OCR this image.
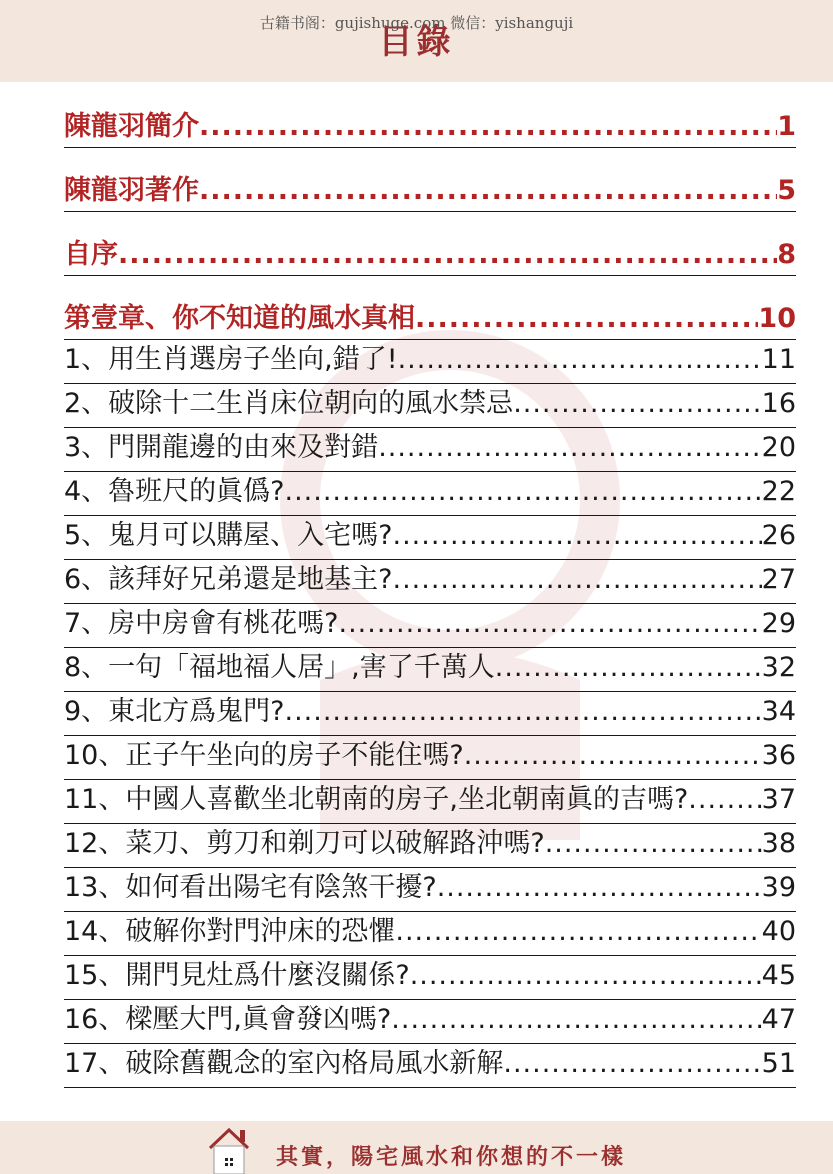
古籍书阁：gujishuge.com 微信：yishanguji
目錄
陳龍羽簡介 .....	1
陳龍羽著作 .....	5
自序 .....	8
第壹章、你不知道的風水真相 .....	10
1、用生肖選房子坐向,錯了! .....	11
2、破除十二生肖床位朝向的風水禁忌 .....	16
3、門開龍邊的由來及對錯 .....	20
4、魯班尺的眞僞? .....	22
5、鬼月可以購屋、入宅嗎? .....	26
6、該拜好兄弟還是地基主? .....	27
7、房中房會有桃花嗎? .....	29
8、一句「福地福人居」,害了千萬人 .....	32
9、東北方爲鬼門? .....	34
10、正子午坐向的房子不能住嗎? .....	36
11、中國人喜歡坐北朝南的房子,坐北朝南眞的吉嗎? .....	37
12、菜刀、剪刀和剃刀可以破解路沖嗎? .....	38
13、如何看出陽宅有陰煞干擾? .....	39
14、破解你對門沖床的恐懼 .....	40
15、開門見灶爲什麼沒關係? .....	45
16、樑壓大門,眞會發凶嗎? .....	47
17、破除舊觀念的室內格局風水新解 .....	51
其實，陽宅風水和你想的不一樣
